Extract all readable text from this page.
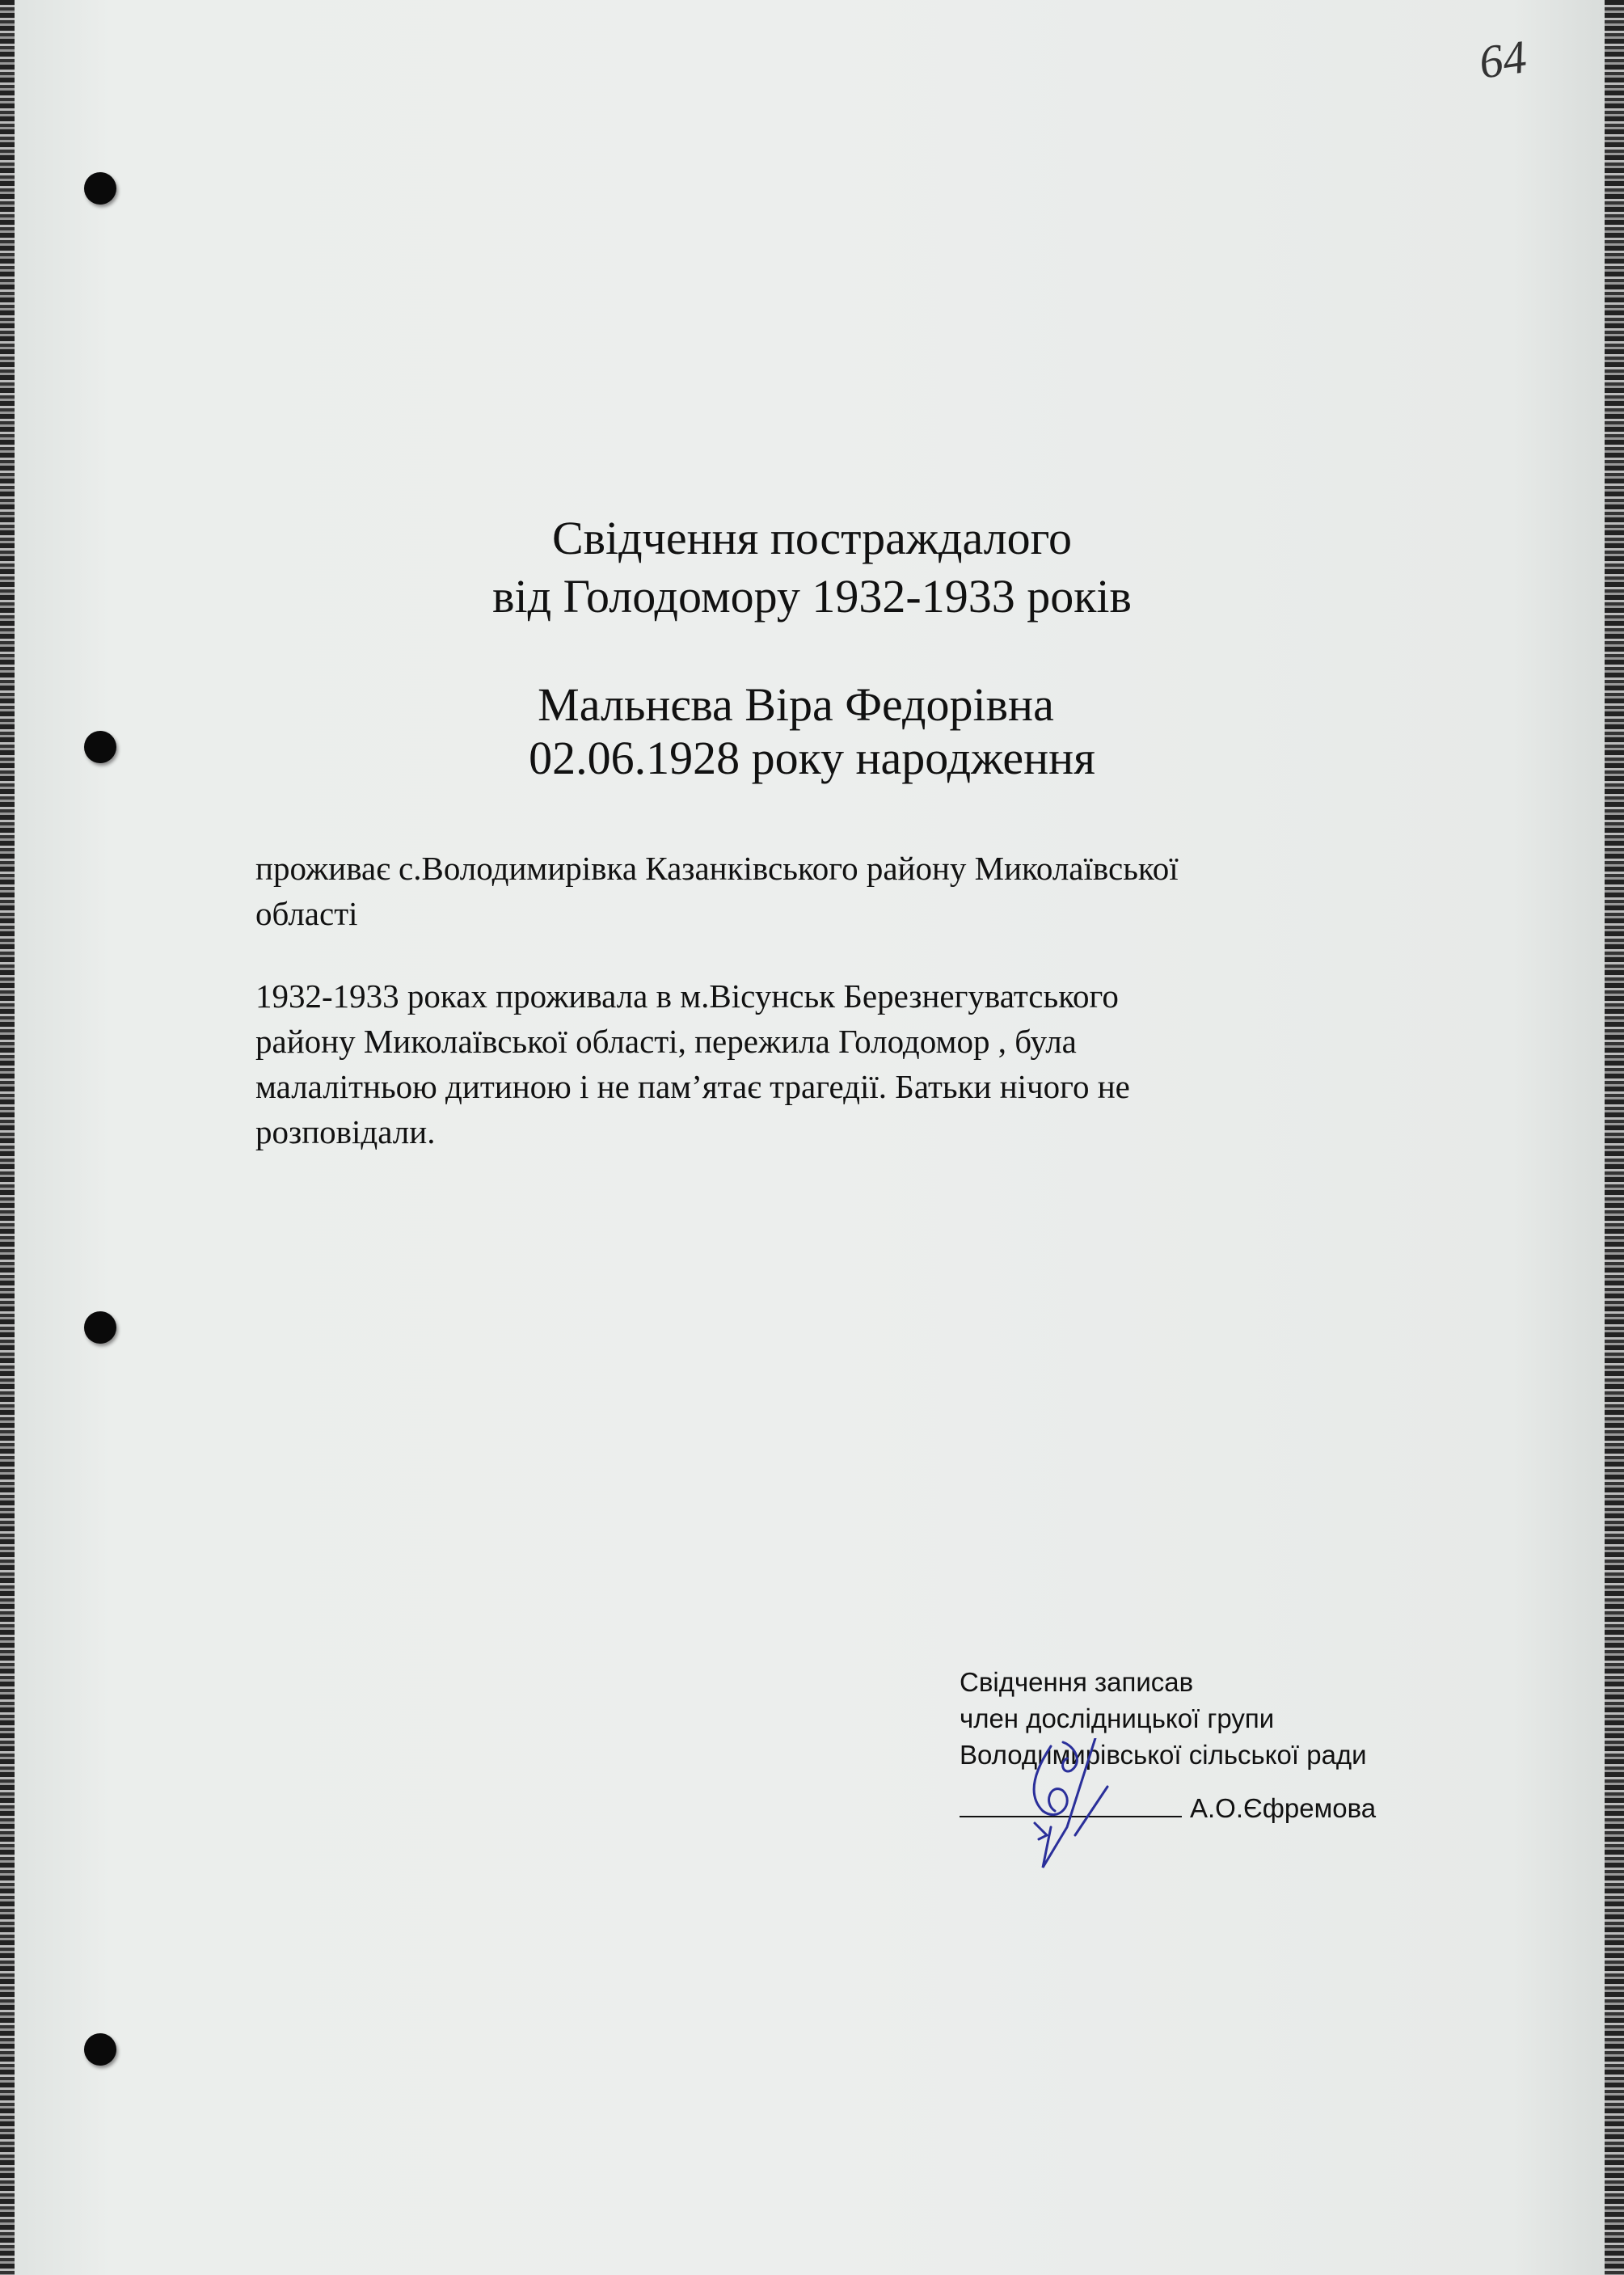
64
Свідчення постраждалого
від Голодомору 1932-1933 років
Мальнєва Віра Федорівна
02.06.1928 року народження
проживає с.Володимирівка Казанківського району Миколаївської
області
1932-1933 роках проживала в м.Вісунськ Березнегуватського
району Миколаївської області, пережила Голодомор , була
малалітньою дитиною і не пам’ятає трагедії. Батьки нічого не
розповідали.
Свідчення записав
член дослідницької групи
Володимирівської сільської ради
А.О.Єфремова
